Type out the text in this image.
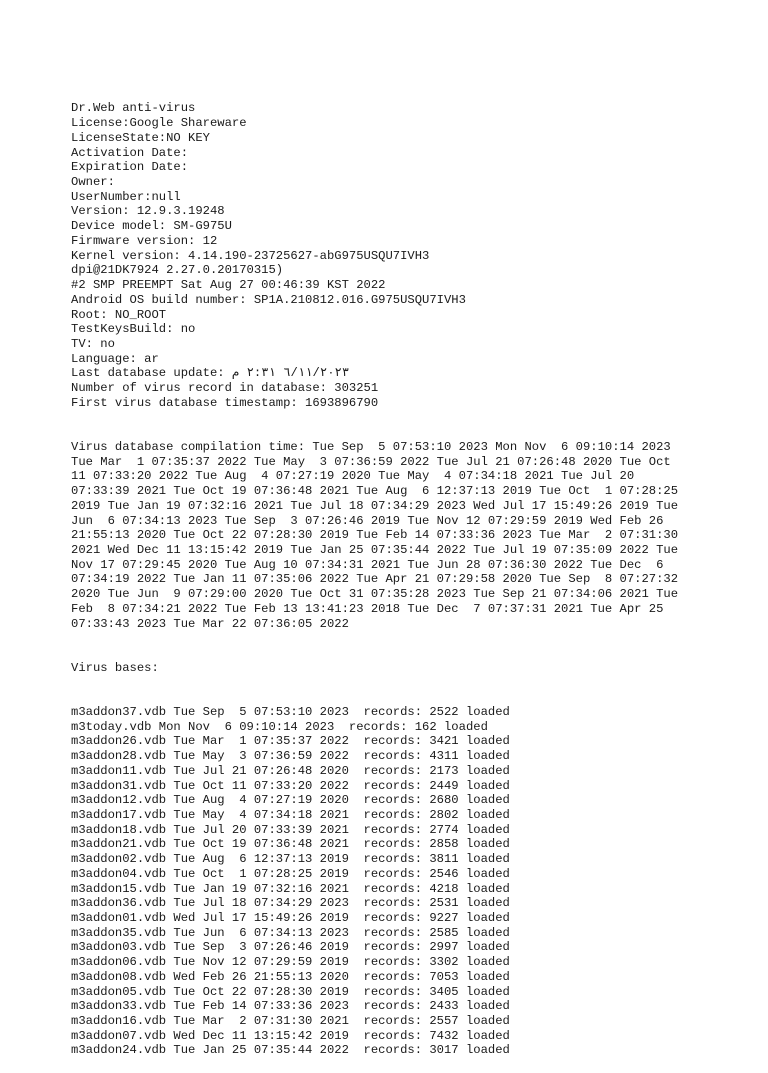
Dr.Web anti-virus
License:Google Shareware
LicenseState:NO KEY
Activation Date:
Expiration Date:
Owner:
UserNumber:null
Version: 12.9.3.19248
Device model: SM-G975U
Firmware version: 12
Kernel version: 4.14.190-23725627-abG975USQU7IVH3
dpi@21DK7924 2.27.0.20170315)
#2 SMP PREEMPT Sat Aug 27 00:46:39 KST 2022
Android OS build number: SP1A.210812.016.G975USQU7IVH3
Root: NO_ROOT
TestKeysBuild: no
TV: no
Language: ar
Last database update: ٦/١١/٢٠٢٣ ٢:٣١ م
Number of virus record in database: 303251
First virus database timestamp: 1693896790

Virus database compilation time: Tue Sep  5 07:53:10 2023 Mon Nov  6 09:10:14 2023
Tue Mar  1 07:35:37 2022 Tue May  3 07:36:59 2022 Tue Jul 21 07:26:48 2020 Tue Oct
11 07:33:20 2022 Tue Aug  4 07:27:19 2020 Tue May  4 07:34:18 2021 Tue Jul 20
07:33:39 2021 Tue Oct 19 07:36:48 2021 Tue Aug  6 12:37:13 2019 Tue Oct  1 07:28:25
2019 Tue Jan 19 07:32:16 2021 Tue Jul 18 07:34:29 2023 Wed Jul 17 15:49:26 2019 Tue
Jun  6 07:34:13 2023 Tue Sep  3 07:26:46 2019 Tue Nov 12 07:29:59 2019 Wed Feb 26
21:55:13 2020 Tue Oct 22 07:28:30 2019 Tue Feb 14 07:33:36 2023 Tue Mar  2 07:31:30
2021 Wed Dec 11 13:15:42 2019 Tue Jan 25 07:35:44 2022 Tue Jul 19 07:35:09 2022 Tue
Nov 17 07:29:45 2020 Tue Aug 10 07:34:31 2021 Tue Jun 28 07:36:30 2022 Tue Dec  6
07:34:19 2022 Tue Jan 11 07:35:06 2022 Tue Apr 21 07:29:58 2020 Tue Sep  8 07:27:32
2020 Tue Jun  9 07:29:00 2020 Tue Oct 31 07:35:28 2023 Tue Sep 21 07:34:06 2021 Tue
Feb  8 07:34:21 2022 Tue Feb 13 13:41:23 2018 Tue Dec  7 07:37:31 2021 Tue Apr 25
07:33:43 2023 Tue Mar 22 07:36:05 2022

Virus bases:

m3addon37.vdb Tue Sep  5 07:53:10 2023  records: 2522 loaded
m3today.vdb Mon Nov  6 09:10:14 2023  records: 162 loaded
m3addon26.vdb Tue Mar  1 07:35:37 2022  records: 3421 loaded
m3addon28.vdb Tue May  3 07:36:59 2022  records: 4311 loaded
m3addon11.vdb Tue Jul 21 07:26:48 2020  records: 2173 loaded
m3addon31.vdb Tue Oct 11 07:33:20 2022  records: 2449 loaded
m3addon12.vdb Tue Aug  4 07:27:19 2020  records: 2680 loaded
m3addon17.vdb Tue May  4 07:34:18 2021  records: 2802 loaded
m3addon18.vdb Tue Jul 20 07:33:39 2021  records: 2774 loaded
m3addon21.vdb Tue Oct 19 07:36:48 2021  records: 2858 loaded
m3addon02.vdb Tue Aug  6 12:37:13 2019  records: 3811 loaded
m3addon04.vdb Tue Oct  1 07:28:25 2019  records: 2546 loaded
m3addon15.vdb Tue Jan 19 07:32:16 2021  records: 4218 loaded
m3addon36.vdb Tue Jul 18 07:34:29 2023  records: 2531 loaded
m3addon01.vdb Wed Jul 17 15:49:26 2019  records: 9227 loaded
m3addon35.vdb Tue Jun  6 07:34:13 2023  records: 2585 loaded
m3addon03.vdb Tue Sep  3 07:26:46 2019  records: 2997 loaded
m3addon06.vdb Tue Nov 12 07:29:59 2019  records: 3302 loaded
m3addon08.vdb Wed Feb 26 21:55:13 2020  records: 7053 loaded
m3addon05.vdb Tue Oct 22 07:28:30 2019  records: 3405 loaded
m3addon33.vdb Tue Feb 14 07:33:36 2023  records: 2433 loaded
m3addon16.vdb Tue Mar  2 07:31:30 2021  records: 2557 loaded
m3addon07.vdb Wed Dec 11 13:15:42 2019  records: 7432 loaded
m3addon24.vdb Tue Jan 25 07:35:44 2022  records: 3017 loaded
